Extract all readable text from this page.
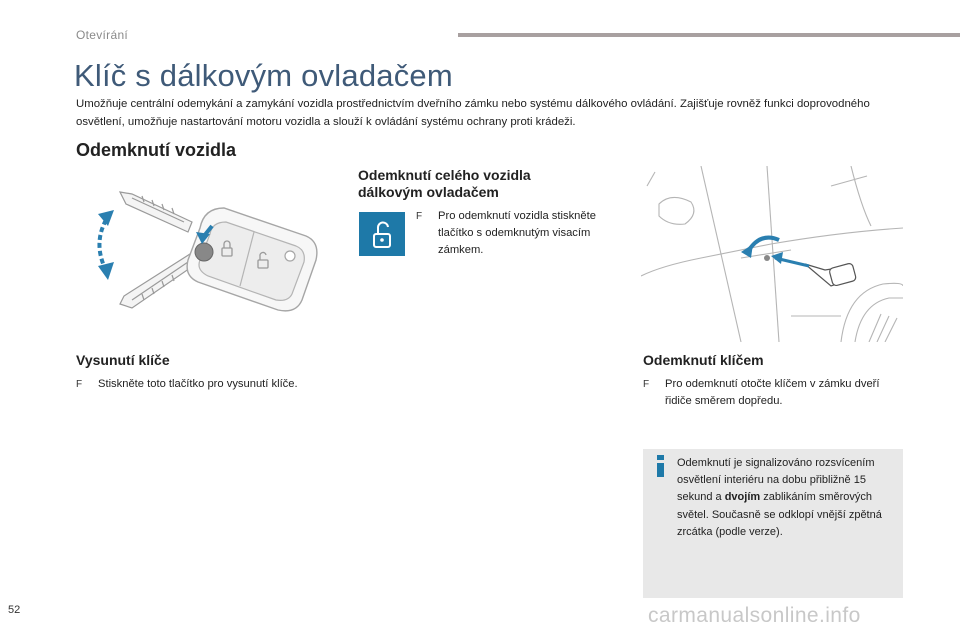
Otevírání
Klíč s dálkovým ovladačem
Umožňuje centrální odemykání a zamykání vozidla prostřednictvím dveřního zámku nebo systému dálkového ovládání. Zajišťuje rovněž funkci doprovodného osvětlení, umožňuje nastartování motoru vozidla a slouží k ovládání systému ochrany proti krádeži.
Odemknutí vozidla
Odemknutí celého vozidla
dálkovým ovladačem
F	Pro odemknutí vozidla stiskněte tlačítko s odemknutým visacím zámkem.
Vysunutí klíče
F	Stiskněte toto tlačítko pro vysunutí klíče.
Odemknutí klíčem
F	Pro odemknutí otočte klíčem v zámku dveří řidiče směrem dopředu.
Odemknutí je signalizováno rozsvícením osvětlení interiéru na dobu přibližně 15 sekund a dvojím zablikáním směrových světel. Současně se odklopí vnější zpětná zrcátka (podle verze).
52	carmanualsonline.info
